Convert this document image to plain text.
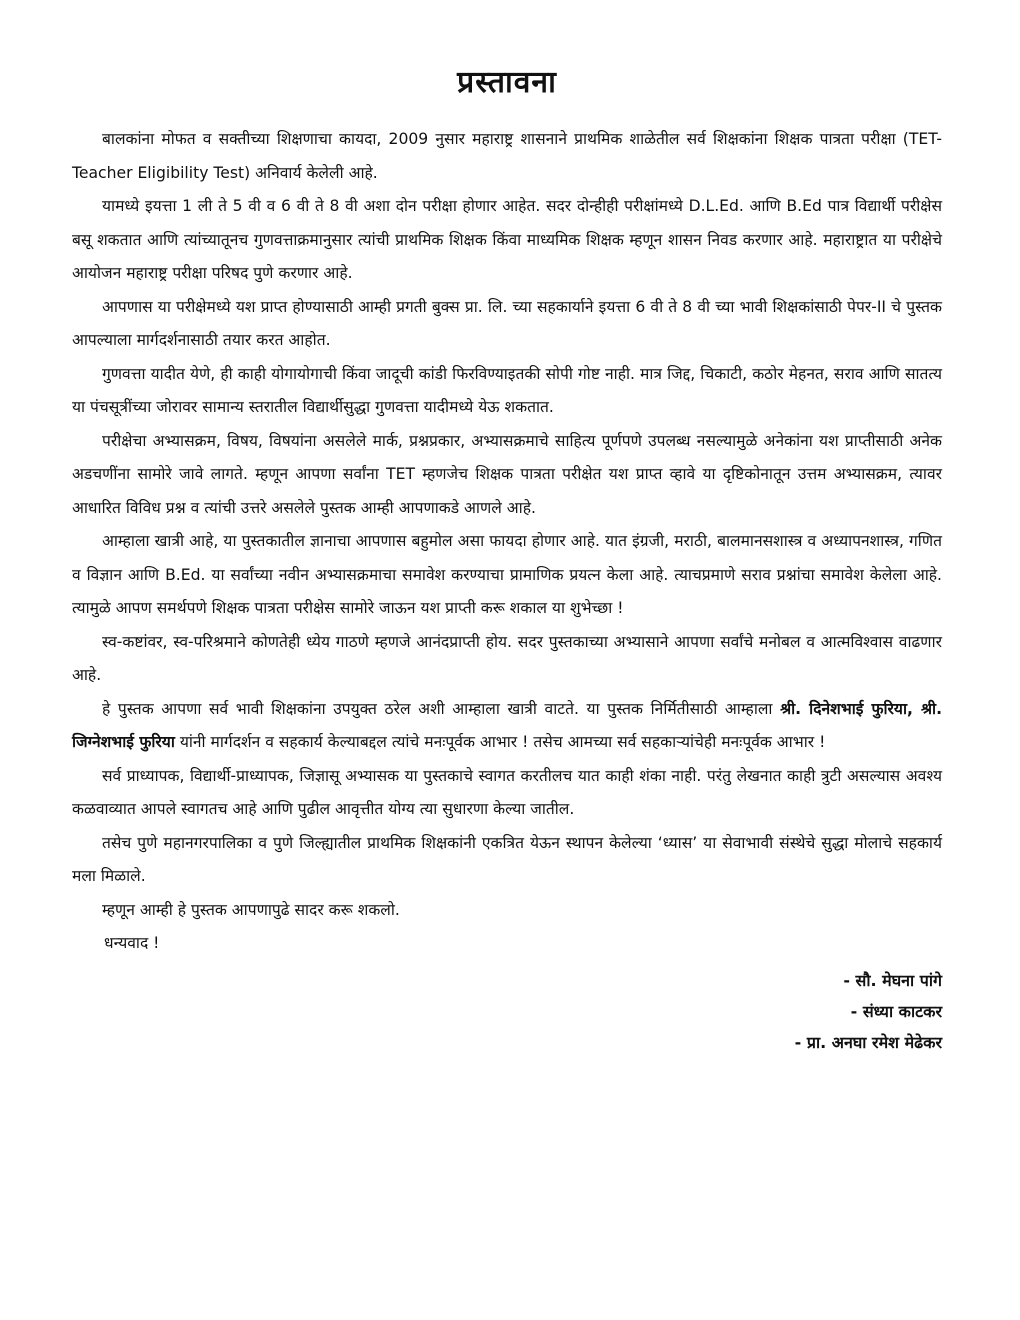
प्रस्तावना

बालकांना मोफत व सक्तीच्या शिक्षणाचा कायदा, 2009 नुसार महाराष्ट्र शासनाने प्राथमिक शाळेतील सर्व शिक्षकांना शिक्षक पात्रता परीक्षा (TET-Teacher Eligibility Test) अनिवार्य केलेली आहे.

यामध्ये इयत्ता 1 ली ते 5 वी व 6 वी ते 8 वी अशा दोन परीक्षा होणार आहेत. सदर दोन्हीही परीक्षांमध्ये D.L.Ed. आणि B.Ed पात्र विद्यार्थी परीक्षेस बसू शकतात आणि त्यांच्यातूनच गुणवत्ताक्रमानुसार त्यांची प्राथमिक शिक्षक किंवा माध्यमिक शिक्षक म्हणून शासन निवड करणार आहे. महाराष्ट्रात या परीक्षेचे आयोजन महाराष्ट्र परीक्षा परिषद पुणे करणार आहे.

आपणास या परीक्षेमध्ये यश प्राप्त होण्यासाठी आम्ही प्रगती बुक्स प्रा. लि. च्या सहकार्याने इयत्ता 6 वी ते 8 वी च्या भावी शिक्षकांसाठी पेपर-II चे पुस्तक आपल्याला मार्गदर्शनासाठी तयार करत आहोत.

गुणवत्ता यादीत येणे, ही काही योगायोगाची किंवा जादूची कांडी फिरविण्याइतकी सोपी गोष्ट नाही. मात्र जिद्द, चिकाटी, कठोर मेहनत, सराव आणि सातत्य या पंचसूत्रींच्या जोरावर सामान्य स्तरातील विद्यार्थीसुद्धा गुणवत्ता यादीमध्ये येऊ शकतात.

परीक्षेचा अभ्यासक्रम, विषय, विषयांना असलेले मार्क, प्रश्नप्रकार, अभ्यासक्रमाचे साहित्य पूर्णपणे उपलब्ध नसल्यामुळे अनेकांना यश प्राप्तीसाठी अनेक अडचणींना सामोरे जावे लागते. म्हणून आपणा सर्वांना TET म्हणजेच शिक्षक पात्रता परीक्षेत यश प्राप्त व्हावे या दृष्टिकोनातून उत्तम अभ्यासक्रम, त्यावर आधारित विविध प्रश्न व त्यांची उत्तरे असलेले पुस्तक आम्ही आपणाकडे आणले आहे.

आम्हाला खात्री आहे, या पुस्तकातील ज्ञानाचा आपणास बहुमोल असा फायदा होणार आहे. यात इंग्रजी, मराठी, बालमानसशास्त्र व अध्यापनशास्त्र, गणित व विज्ञान आणि B.Ed. या सर्वांच्या नवीन अभ्यासक्रमाचा समावेश करण्याचा प्रामाणिक प्रयत्न केला आहे. त्याचप्रमाणे सराव प्रश्नांचा समावेश केलेला आहे. त्यामुळे आपण समर्थपणे शिक्षक पात्रता परीक्षेस सामोरे जाऊन यश प्राप्ती करू शकाल या शुभेच्छा !

स्व-कष्टांवर, स्व-परिश्रमाने कोणतेही ध्येय गाठणे म्हणजे आनंदप्राप्ती होय. सदर पुस्तकाच्या अभ्यासाने आपणा सर्वांचे मनोबल व आत्मविश्वास वाढणार आहे.

हे पुस्तक आपणा सर्व भावी शिक्षकांना उपयुक्त ठरेल अशी आम्हाला खात्री वाटते. या पुस्तक निर्मितीसाठी आम्हाला श्री. दिनेशभाई फुरिया, श्री. जिग्नेशभाई फुरिया यांनी मार्गदर्शन व सहकार्य केल्याबद्दल त्यांचे मनःपूर्वक आभार ! तसेच आमच्या सर्व सहकाऱ्यांचेही मनःपूर्वक आभार !

सर्व प्राध्यापक, विद्यार्थी-प्राध्यापक, जिज्ञासू अभ्यासक या पुस्तकाचे स्वागत करतीलच यात काही शंका नाही. परंतु लेखनात काही त्रुटी असल्यास अवश्य कळवाव्यात आपले स्वागतच आहे आणि पुढील आवृत्तीत योग्य त्या सुधारणा केल्या जातील.

तसेच पुणे महानगरपालिका व पुणे जिल्ह्यातील प्राथमिक शिक्षकांनी एकत्रित येऊन स्थापन केलेल्या ‘ध्यास’ या सेवाभावी संस्थेचे सुद्धा मोलाचे सहकार्य मला मिळाले.

म्हणून आम्ही हे पुस्तक आपणापुढे सादर करू शकलो.

धन्यवाद !

- सौ. मेघना पांगे
- संध्या काटकर
- प्रा. अनघा रमेश मेढेकर
